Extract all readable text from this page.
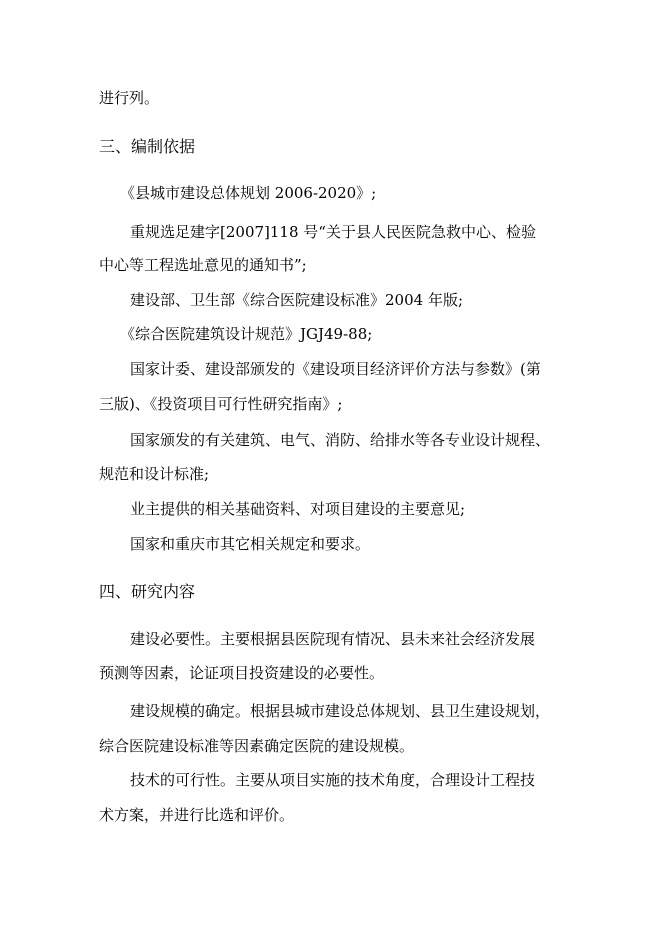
进行列。

三、编制依据

《县城市建设总体规划 2006-2020》;

重规选足建字[2007]118 号“关于县人民医院急救中心、检验

中心等工程选址意见的通知书”;

建设部、卫生部《综合医院建设标准》2004 年版;

《综合医院建筑设计规范》JGJ49-88;

国家计委、建设部颁发的《建设项目经济评价方法与参数》(第

三版)、《投资项目可行性研究指南》;

国家颁发的有关建筑、电气、消防、给排水等各专业设计规程、

规范和设计标准;

业主提供的相关基础资料、对项目建设的主要意见;

国家和重庆市其它相关规定和要求。

四、研究内容

建设必要性。主要根据县医院现有情况、县未来社会经济发展

预测等因素，论证项目投资建设的必要性。

建设规模的确定。根据县城市建设总体规划、县卫生建设规划，

综合医院建设标准等因素确定医院的建设规模。

技术的可行性。主要从项目实施的技术角度，合理设计工程技

术方案，并进行比选和评价。
